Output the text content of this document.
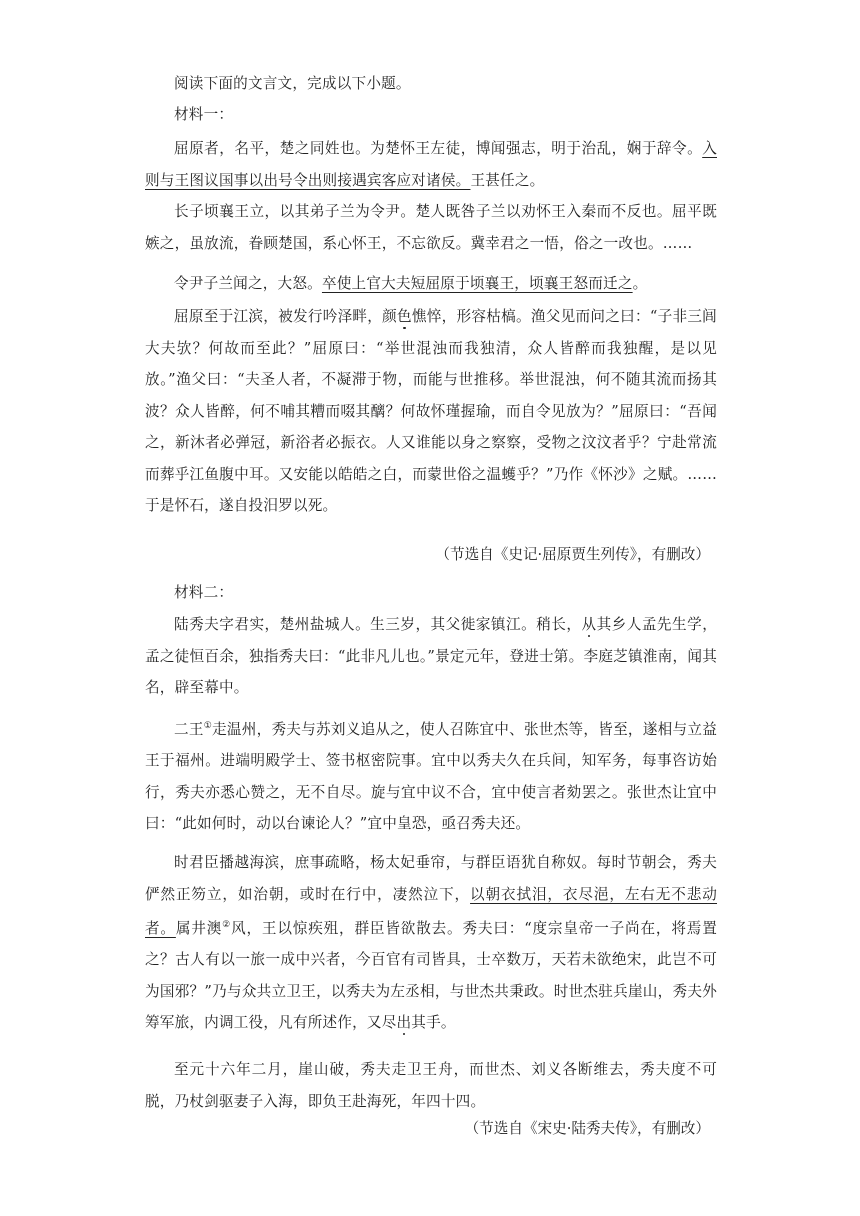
阅读下面的文言文，完成以下小题。
材料一：
屈原者，名平，楚之同姓也。为楚怀王左徒，博闻强志，明于治乱，娴于辞令。入则与王图议国事以出号令出则接遇宾客应对诸侯。王甚任之。
长子顷襄王立，以其弟子兰为令尹。楚人既咎子兰以劝怀王入秦而不反也。屈平既嫉之，虽放流，眷顾楚国，系心怀王，不忘欲反。冀幸君之一悟，俗之一改也。……
令尹子兰闻之，大怒。卒使上官大夫短屈原于顷襄王，顷襄王怒而迁之。
屈原至于江滨，被发行吟泽畔，颜色憔悴，形容枯槁。渔父见而问之曰：“子非三闾大夫欤？何故而至此？”屈原曰：“举世混浊而我独清，众人皆醉而我独醒，是以见放。”渔父曰：“夫圣人者，不凝滞于物，而能与世推移。举世混浊，何不随其流而扬其波？众人皆醉，何不哺其糟而啜其醨？何故怀瑾握瑜，而自令见放为？”屈原曰：“吾闻之，新沐者必弹冠，新浴者必振衣。人又谁能以身之察察，受物之汶汶者乎？宁赴常流而葬乎江鱼腹中耳。又安能以皓皓之白，而蒙世俗之温蠖乎？”乃作《怀沙》之赋。……于是怀石，遂自投汨罗以死。
（节选自《史记·屈原贾生列传》，有删改）
材料二：
陆秀夫字君实，楚州盐城人。生三岁，其父徙家镇江。稍长，从其乡人孟先生学，孟之徒恒百余，独指秀夫曰：“此非凡儿也。”景定元年，登进士第。李庭芝镇淮南，闻其名，辟至幕中。
二王①走温州，秀夫与苏刘义追从之，使人召陈宜中、张世杰等，皆至，遂相与立益王于福州。进端明殿学士、签书枢密院事。宜中以秀夫久在兵间，知军务，每事咨访始行，秀夫亦悉心赞之，无不自尽。旋与宜中议不合，宜中使言者劾罢之。张世杰让宜中曰：“此如何时，动以台谏论人？”宜中皇恐，亟召秀夫还。
时君臣播越海滨，庶事疏略，杨太妃垂帘，与群臣语犹自称奴。每时节朝会，秀夫俨然正笏立，如治朝，或时在行中，凄然泣下，以朝衣拭泪，衣尽浥，左右无不悲动者。属井澳②风，王以惊疾殂，群臣皆欲散去。秀夫曰：“度宗皇帝一子尚在，将焉置之？古人有以一旅一成中兴者，今百官有司皆具，士卒数万，天若未欲绝宋，此岂不可为国邪？”乃与众共立卫王，以秀夫为左丞相，与世杰共秉政。时世杰驻兵崖山，秀夫外筹军旅，内调工役，凡有所述作，又尽出其手。
至元十六年二月，崖山破，秀夫走卫王舟，而世杰、刘义各断维去，秀夫度不可脱，乃杖剑驱妻子入海，即负王赴海死，年四十四。
（节选自《宋史·陆秀夫传》，有删改）
